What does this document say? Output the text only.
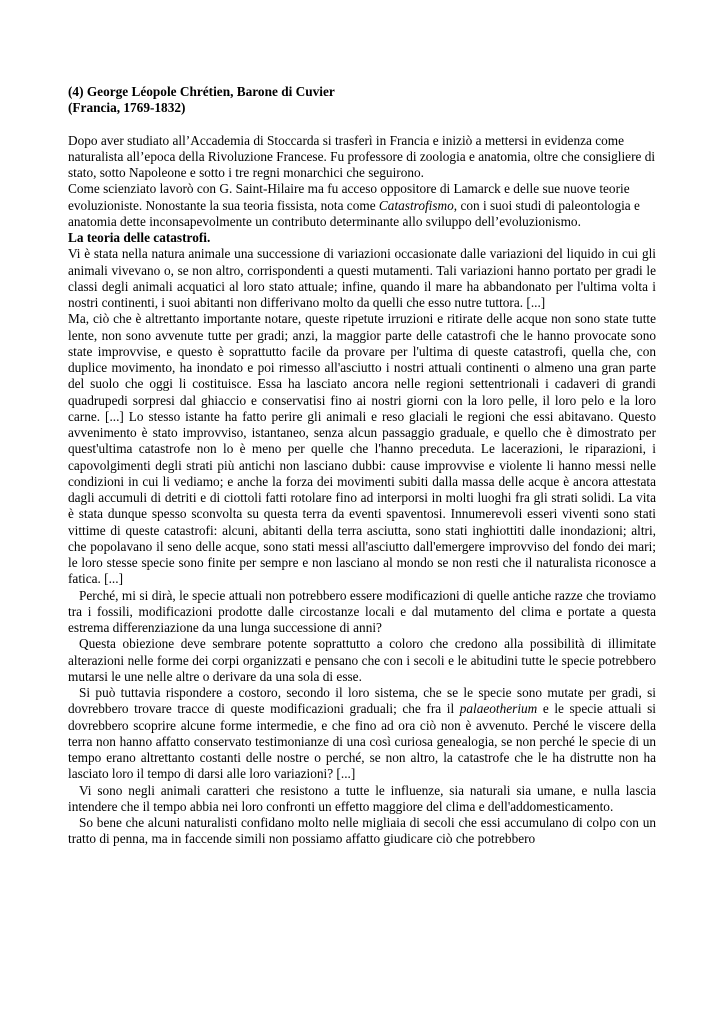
(4) George Léopole Chrétien, Barone di Cuvier

(Francia, 1769-1832)

Dopo aver studiato all’Accademia di Stoccarda si trasferì in Francia e iniziò a mettersi in evidenza come naturalista all’epoca della Rivoluzione Francese. Fu professore di zoologia e anatomia, oltre che consigliere di stato, sotto Napoleone e sotto i tre regni monarchici che seguirono.

Come scienziato lavorò con G. Saint-Hilaire ma fu acceso oppositore di Lamarck e delle sue nuove teorie evoluzioniste. Nonostante la sua teoria fissista, nota come Catastrofismo, con i suoi studi di paleontologia e anatomia dette inconsapevolmente un contributo determinante allo sviluppo dell’evoluzionismo.

La teoria delle catastrofi.

Vi è stata nella natura animale una successione di variazioni occasionate dalle variazioni del liquido in cui gli animali vivevano o, se non altro, corrispondenti a questi mutamenti. Tali variazioni hanno portato per gradi le classi degli animali acquatici al loro stato attuale; infine, quando il mare ha abbandonato per l'ultima volta i nostri continenti, i suoi abitanti non differivano molto da quelli che esso nutre tuttora. [...]

Ma, ciò che è altrettanto importante notare, queste ripetute irruzioni e ritirate delle acque non sono state tutte lente, non sono avvenute tutte per gradi; anzi, la maggior parte delle catastrofi che le hanno provocate sono state improvvise, e questo è soprattutto facile da provare per l'ultima di queste catastrofi, quella che, con duplice movimento, ha inondato e poi rimesso all'asciutto i nostri attuali continenti o almeno una gran parte del suolo che oggi li costituisce. Essa ha lasciato ancora nelle regioni settentrionali i cadaveri di grandi quadrupedi sorpresi dal ghiaccio e conservatisi fino ai nostri giorni con la loro pelle, il loro pelo e la loro carne. [...] Lo stesso istante ha fatto perire gli animali e reso glaciali le regioni che essi abitavano. Questo avvenimento è stato improvviso, istantaneo, senza alcun passaggio graduale, e quello che è dimostrato per quest'ultima catastrofe non lo è meno per quelle che l'hanno preceduta. Le lacerazioni, le riparazioni, i capovolgimenti degli strati più antichi non lasciano dubbi: cause improvvise e violente li hanno messi nelle condizioni in cui li vediamo; e anche la forza dei movimenti subiti dalla massa delle acque è ancora attestata dagli accumuli di detriti e di ciottoli fatti rotolare fino ad interporsi in molti luoghi fra gli strati solidi. La vita è stata dunque spesso sconvolta su questa terra da eventi spaventosi. Innumerevoli esseri viventi sono stati vittime di queste catastrofi: alcuni, abitanti della terra asciutta, sono stati inghiottiti dalle inondazioni; altri, che popolavano il seno delle acque, sono stati messi all'asciutto dall'emergere improvviso del fondo dei mari; le loro stesse specie sono finite per sempre e non lasciano al mondo se non resti che il naturalista riconosce a fatica. [...]

Perché, mi si dirà, le specie attuali non potrebbero essere modificazioni di quelle antiche razze che troviamo tra i fossili, modificazioni prodotte dalle circostanze locali e dal mutamento del clima e portate a questa estrema differenziazione da una lunga successione di anni?

Questa obiezione deve sembrare potente soprattutto a coloro che credono alla possibilità di illimitate alterazioni nelle forme dei corpi organizzati e pensano che con i secoli e le abitudini tutte le specie potrebbero mutarsi le une nelle altre o derivare da una sola di esse.

Si può tuttavia rispondere a costoro, secondo il loro sistema, che se le specie sono mutate per gradi, si dovrebbero trovare tracce di queste modificazioni graduali; che fra il palaeotherium e le specie attuali si dovrebbero scoprire alcune forme intermedie, e che fino ad ora ciò non è avvenuto. Perché le viscere della terra non hanno affatto conservato testimonianze di una così curiosa genealogia, se non perché le specie di un tempo erano altrettanto costanti delle nostre o perché, se non altro, la catastrofe che le ha distrutte non ha lasciato loro il tempo di darsi alle loro variazioni? [...]

Vi sono negli animali caratteri che resistono a tutte le influenze, sia naturali sia umane, e nulla lascia intendere che il tempo abbia nei loro confronti un effetto maggiore del clima e dell'addomesticamento.

So bene che alcuni naturalisti confidano molto nelle migliaia di secoli che essi accumulano di colpo con un tratto di penna, ma in faccende simili non possiamo affatto giudicare ciò che potrebbero
